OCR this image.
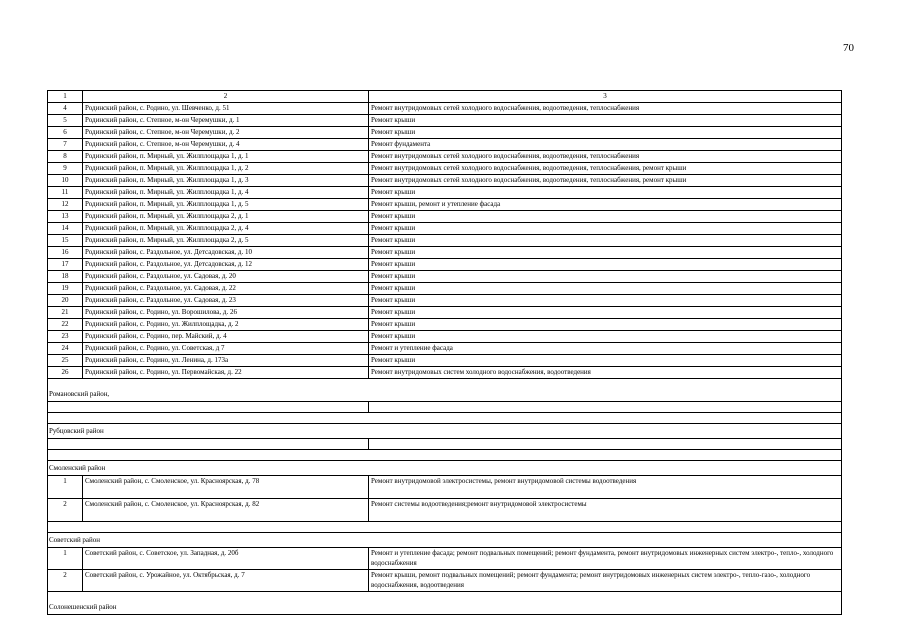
70
1	2	3
4	Родинский район, с. Родино, ул. Шевченко, д. 51	Ремонт внутридомовых сетей холодного водоснабжения, водоотведения, теплоснабжения
5	Родинский район, с. Степное, м-он Черемушки, д. 1	Ремонт крыши
6	Родинский район, с. Степное, м-он Черемушки, д. 2	Ремонт крыши
7	Родинский район, с. Степное, м-он Черемушки, д. 4	Ремонт фундамента
8	Родинский район, п. Мирный, ул. Жилплощадка 1, д. 1	Ремонт внутридомовых сетей холодного водоснабжения, водоотведения, теплоснабжения
9	Родинский район, п. Мирный, ул. Жилплощадка 1, д. 2	Ремонт внутридомовых сетей холодного водоснабжения, водоотведения, теплоснабжения, ремонт крыши
10	Родинский район, п. Мирный, ул. Жилплощадка 1, д. 3	Ремонт внутридомовых сетей холодного водоснабжения, водоотведения, теплоснабжения, ремонт крыши
11	Родинский район, п. Мирный, ул. Жилплощадка 1, д. 4	Ремонт крыши
12	Родинский район, п. Мирный, ул. Жилплощадка 1, д. 5	Ремонт крыши, ремонт и утепление фасада
13	Родинский район, п. Мирный, ул. Жилплощадка 2, д. 1	Ремонт крыши
14	Родинский район, п. Мирный, ул. Жилплощадка 2, д. 4	Ремонт крыши
15	Родинский район, п. Мирный, ул. Жилплощадка 2, д. 5	Ремонт крыши
16	Родинский район, с. Раздольное, ул. Детсадовская, д. 10	Ремонт крыши
17	Родинский район, с. Раздольное, ул. Детсадовская, д. 12	Ремонт крыши
18	Родинский район, с. Раздольное, ул. Садовая, д. 20	Ремонт крыши
19	Родинский район, с. Раздольное, ул. Садовая, д. 22	Ремонт крыши
20	Родинский район, с. Раздольное, ул. Садовая, д. 23	Ремонт крыши
21	Родинский район, с. Родино, ул. Ворошилова, д. 26	Ремонт крыши
22	Родинский район, с. Родино, ул. Жилплощадка, д. 2	Ремонт крыши
23	Родинский район, с. Родино, пер. Майский, д. 4	Ремонт крыши
24	Родинский район, с. Родино, ул. Советская, д 7	Ремонт и утепление фасада
25	Родинский район, с. Родино, ул. Ленина, д. 173а	Ремонт крыши
26	Родинский район, с. Родино, ул. Первомайская, д. 22	Ремонт внутридомовых систем холодного водоснабжения, водоотведения
Романовский район,		

Рубцовский район		

Смоленский район		
1	Смоленский район, с. Смоленское, ул. Красноярская, д. 78	Ремонт внутридомовой электросистемы, ремонт внутридомовой системы водоотведения
2	Смоленский район, с. Смоленское, ул. Красноярская, д. 82	Ремонт системы водоотведения;ремонт внутридомовой электросистемы

Советский район		
1	Советский район, с. Советское, ул. Западная, д. 20б	Ремонт и утепление фасада; ремонт подвальных помещений; ремонт фундамента, ремонт внутридомовых инженерных систем электро-, тепло-, холодного водоснабжения
2	Советский район, с. Урожайное, ул. Октябрьская, д. 7	Ремонт крыши, ремонт подвальных помещений; ремонт фундамента; ремонт внутридомовых инженерных систем электро-, тепло-газо-, холодного водоснабжения, водоотведения
Солонешенский район		
